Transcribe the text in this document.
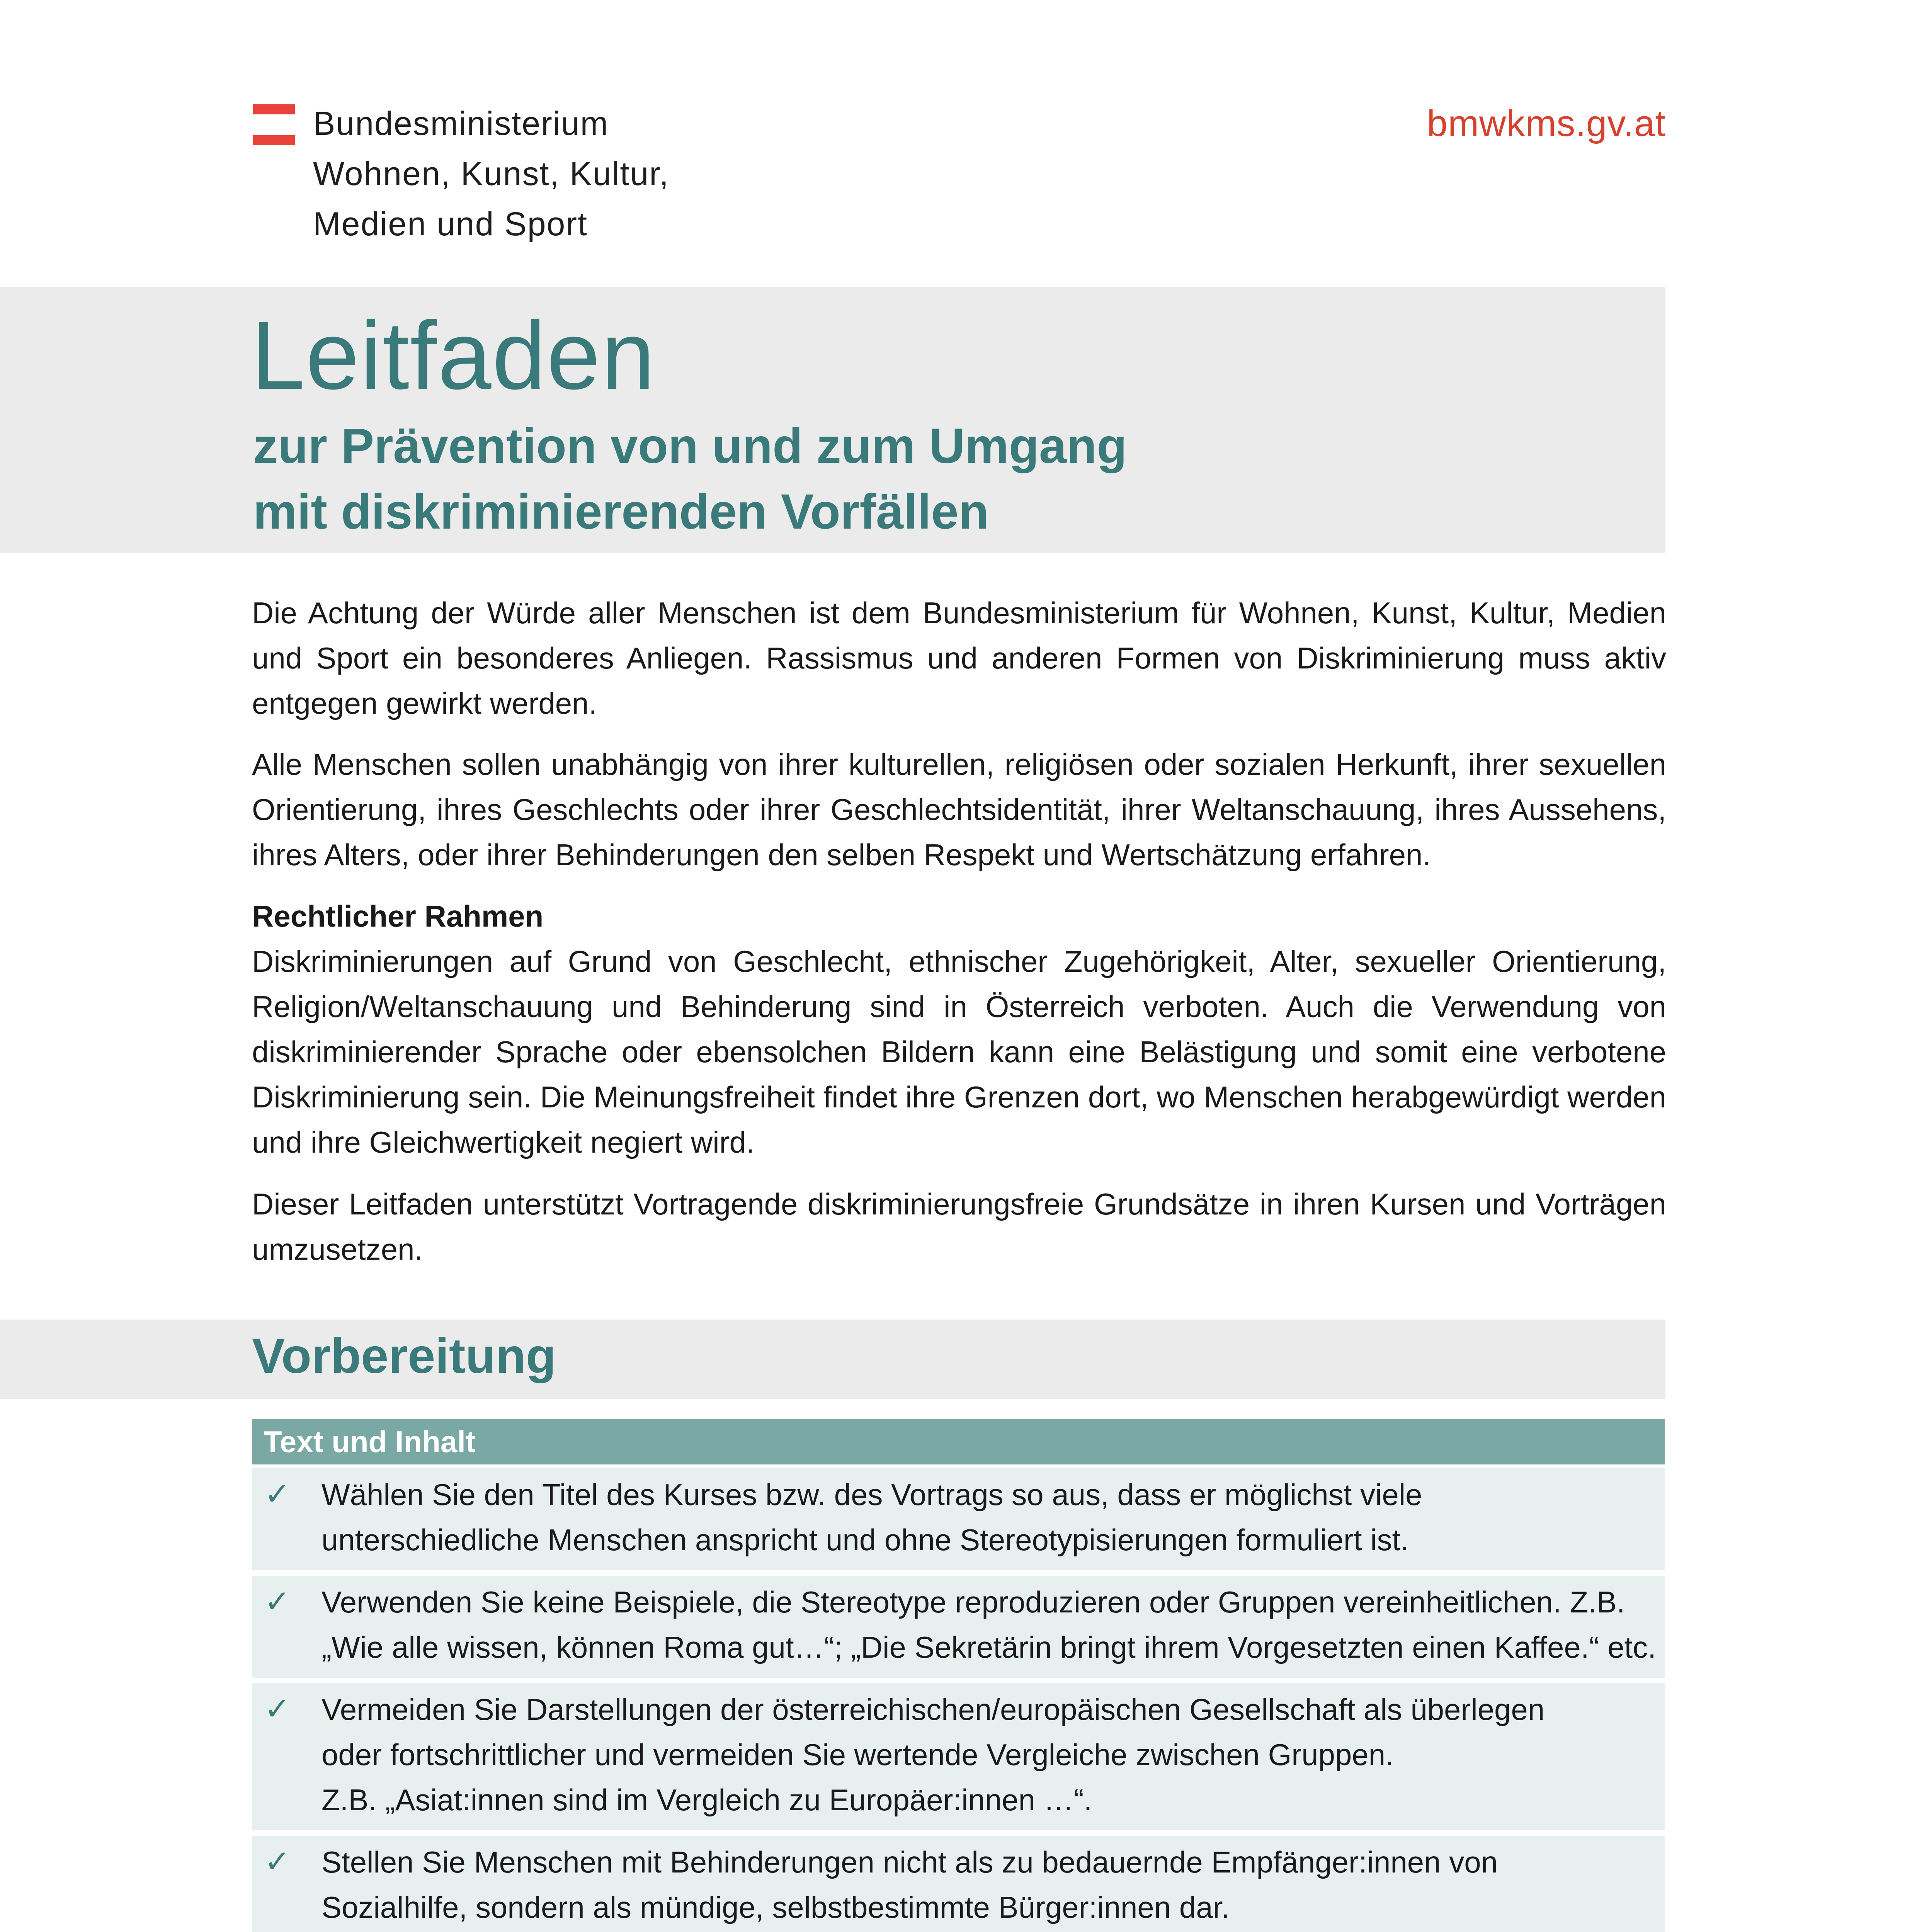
Bundesministerium
Wohnen, Kunst, Kultur,
Medien und Sport
bmwkms.gv.at
Leitfaden
zur Prävention von und zum Umgang
mit diskriminierenden Vorfällen
Die Achtung der Würde aller Menschen ist dem Bundesministerium für Wohnen, Kunst, Kultur, Medien und Sport ein besonderes Anliegen. Rassismus und anderen Formen von Diskriminierung muss aktiv entgegen gewirkt werden.
Alle Menschen sollen unabhängig von ihrer kulturellen, religiösen oder sozialen Herkunft, ihrer sexuellen Orientierung, ihres Geschlechts oder ihrer Geschlechtsidentität, ihrer Weltanschauung, ihres Aussehens, ihres Alters, oder ihrer Behinderungen den selben Respekt und Wertschätzung erfahren.
Rechtlicher Rahmen
Diskriminierungen auf Grund von Geschlecht, ethnischer Zugehörigkeit, Alter, sexueller Orientierung, Religion/Weltanschauung und Behinderung sind in Österreich verboten. Auch die Verwendung von diskriminierender Sprache oder ebensolchen Bildern kann eine Belästigung und somit eine verbotene Diskriminierung sein. Die Meinungsfreiheit findet ihre Grenzen dort, wo Menschen herabgewürdigt werden und ihre Gleichwertigkeit negiert wird.
Dieser Leitfaden unterstützt Vortragende diskriminierungsfreie Grundsätze in ihren Kursen und Vorträgen umzusetzen.
Vorbereitung
Text und Inhalt
✓ Wählen Sie den Titel des Kurses bzw. des Vortrags so aus, dass er möglichst viele
unterschiedliche Menschen anspricht und ohne Stereotypisierungen formuliert ist.
✓ Verwenden Sie keine Beispiele, die Stereotype reproduzieren oder Gruppen vereinheitlichen. Z.B.
„Wie alle wissen, können Roma gut…“; „Die Sekretärin bringt ihrem Vorgesetzten einen Kaffee.“ etc.
✓ Vermeiden Sie Darstellungen der österreichischen/europäischen Gesellschaft als überlegen
oder fortschrittlicher und vermeiden Sie wertende Vergleiche zwischen Gruppen.
Z.B. „Asiat:innen sind im Vergleich zu Europäer:innen …“.
✓ Stellen Sie Menschen mit Behinderungen nicht als zu bedauernde Empfänger:innen von
Sozialhilfe, sondern als mündige, selbstbestimmte Bürger:innen dar.
